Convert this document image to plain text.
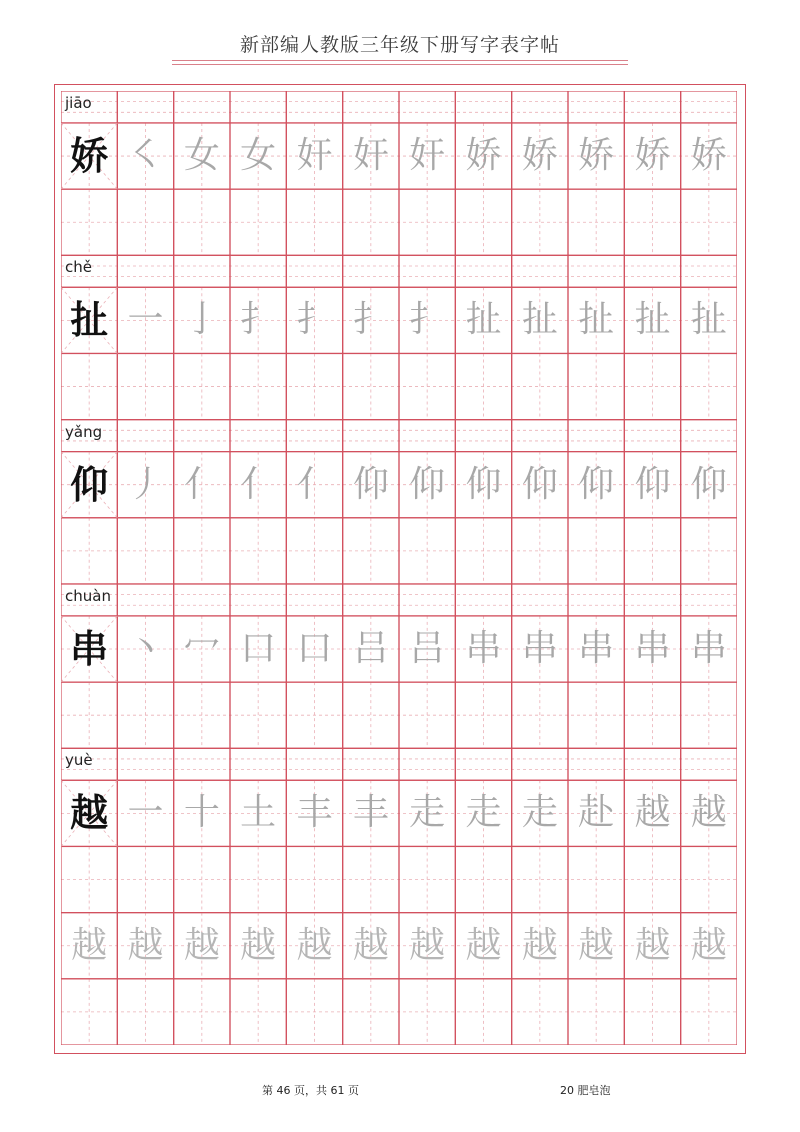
新部编人教版三年级下册写字表字帖
jiāo
娇 ㇛ 女 女 奸 奸 奸 娇 娇 娇 娇 娇
chě
扯 一 亅 扌 扌 扌 扌 扯 扯 扯 扯 扯
yǎng
仰 丿 亻 亻 亻 仰 仰 仰 仰 仰 仰 仰
chuàn
串 丶 冖 口 口 吕 吕 串 串 串 串 串
yuè
越 一 十 土 丰 丰 走 走 走 赴 越 越
越 越 越 越 越 越 越 越 越 越 越 越
第 46 页，共 61 页	20 肥皂泡
